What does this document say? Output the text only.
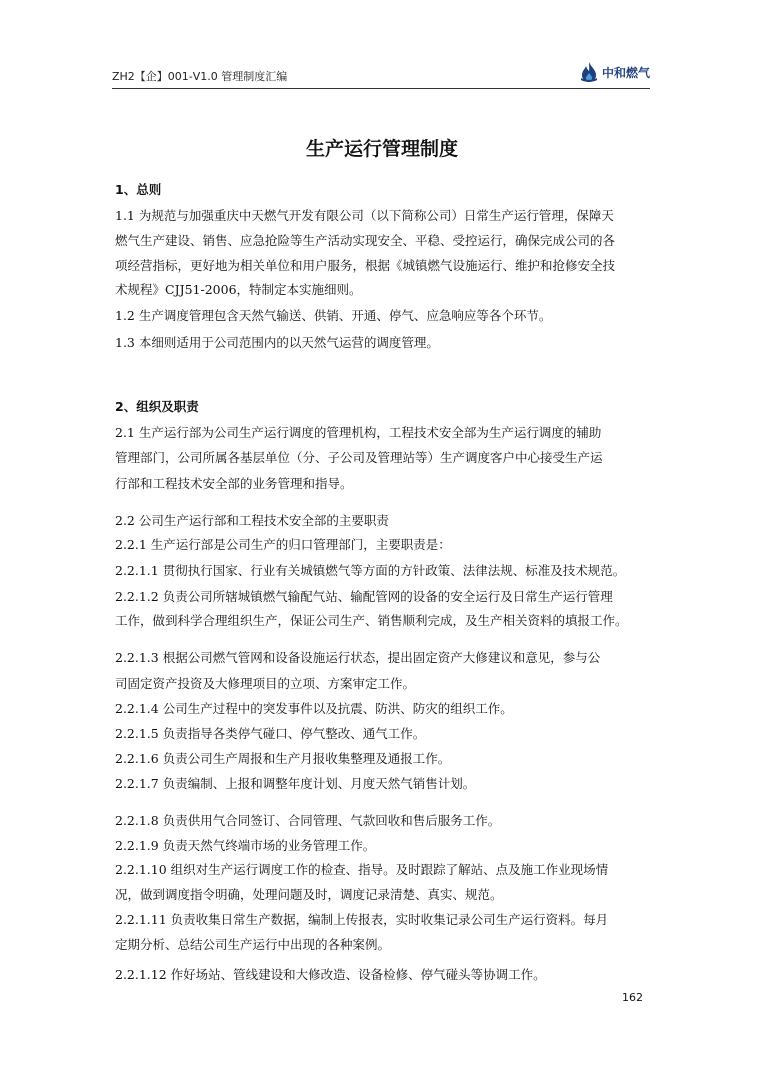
ZH2【企】001-V1.0 管理制度汇编	中和燃气
生产运行管理制度
1、总则
1.1 为规范与加强重庆中天燃气开发有限公司（以下简称公司）日常生产运行管理，保障天
燃气生产建设、销售、应急抢险等生产活动实现安全、平稳、受控运行，确保完成公司的各
项经营指标，更好地为相关单位和用户服务，根据《城镇燃气设施运行、维护和抢修安全技
术规程》CJJ51-2006，特制定本实施细则。
1.2 生产调度管理包含天然气输送、供销、开通、停气、应急响应等各个环节。
1.3 本细则适用于公司范围内的以天然气运营的调度管理。
2、组织及职责
2.1 生产运行部为公司生产运行调度的管理机构，工程技术安全部为生产运行调度的辅助
管理部门，公司所属各基层单位（分、子公司及管理站等）生产调度客户中心接受生产运
行部和工程技术安全部的业务管理和指导。
2.2 公司生产运行部和工程技术安全部的主要职责
2.2.1 生产运行部是公司生产的归口管理部门，主要职责是：
2.2.1.1 贯彻执行国家、行业有关城镇燃气等方面的方针政策、法律法规、标准及技术规范。
2.2.1.2 负责公司所辖城镇燃气输配气站、输配管网的设备的安全运行及日常生产运行管理
工作，做到科学合理组织生产，保证公司生产、销售顺利完成，及生产相关资料的填报工作。
2.2.1.3 根据公司燃气管网和设备设施运行状态，提出固定资产大修建议和意见，参与公
司固定资产投资及大修理项目的立项、方案审定工作。
2.2.1.4 公司生产过程中的突发事件以及抗震、防洪、防灾的组织工作。
2.2.1.5 负责指导各类停气碰口、停气整改、通气工作。
2.2.1.6 负责公司生产周报和生产月报收集整理及通报工作。
2.2.1.7 负责编制、上报和调整年度计划、月度天然气销售计划。
2.2.1.8 负责供用气合同签订、合同管理、气款回收和售后服务工作。
2.2.1.9 负责天然气终端市场的业务管理工作。
2.2.1.10 组织对生产运行调度工作的检查、指导。及时跟踪了解站、点及施工作业现场情
况，做到调度指令明确，处理问题及时，调度记录清楚、真实、规范。
2.2.1.11 负责收集日常生产数据，编制上传报表，实时收集记录公司生产运行资料。每月
定期分析、总结公司生产运行中出现的各种案例。
2.2.1.12 作好场站、管线建设和大修改造、设备检修、停气碰头等协调工作。
162
